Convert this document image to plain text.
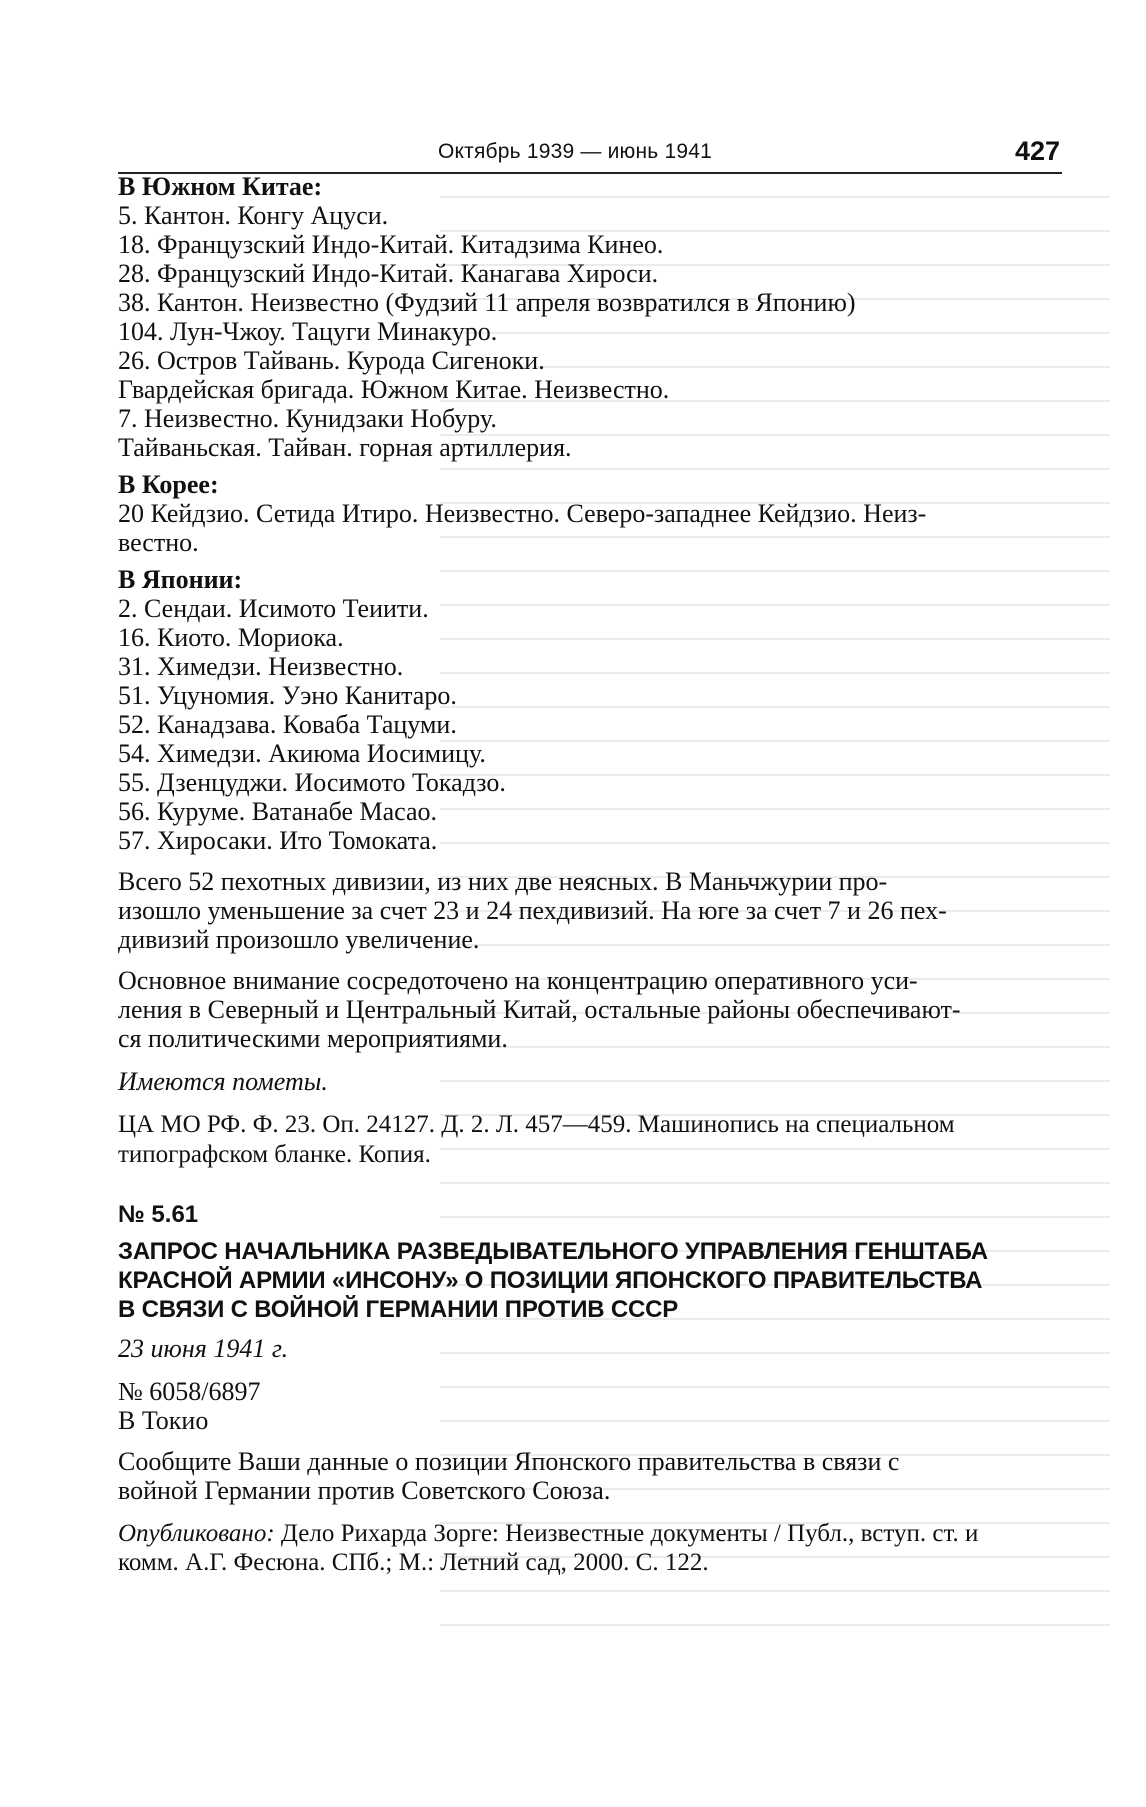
Октябрь 1939 — июнь 1941	427
В Южном Китае:
5. Кантон. Конгу Ацуси.
18. Французский Индо-Китай. Китадзима Кинео.
28. Французский Индо-Китай. Канагава Хироси.
38. Кантон. Неизвестно (Фудзий 11 апреля возвратился в Японию)
104. Лун-Чжоу. Тацуги Минакуро.
26. Остров Тайвань. Курода Сигеноки.
Гвардейская бригада. Южном Китае. Неизвестно.
7. Неизвестно. Кунидзаки Нобуру.
Тайваньская. Тайван. горная артиллерия.
В Корее:
20 Кейдзио. Сетида Итиро. Неизвестно. Северо-западнее Кейдзио. Неиз-
вестно.
В Японии:
2. Сендаи. Исимото Теиити.
16. Киото. Мориока.
31. Химедзи. Неизвестно.
51. Уцуномия. Уэно Канитаро.
52. Канадзава. Коваба Тацуми.
54. Химедзи. Акиюма Иосимицу.
55. Дзенцуджи. Иосимото Токадзо.
56. Куруме. Ватанабе Масао.
57. Хиросаки. Ито Томоката.
Всего 52 пехотных дивизии, из них две неясных. В Маньчжурии про-
изошло уменьшение за счет 23 и 24 пехдивизий. На юге за счет 7 и 26 пех-
дивизий произошло увеличение.
Основное внимание сосредоточено на концентрацию оперативного уси-
ления в Северный и Центральный Китай, остальные районы обеспечивают-
ся политическими мероприятиями.
Имеются пометы.
ЦА МО РФ. Ф. 23. Оп. 24127. Д. 2. Л. 457—459. Машинопись на специальном
типографском бланке. Копия.
№ 5.61
ЗАПРОС НАЧАЛЬНИКА РАЗВЕДЫВАТЕЛЬНОГО УПРАВЛЕНИЯ ГЕНШТАБА
КРАСНОЙ АРМИИ «ИНСОНУ» О ПОЗИЦИИ ЯПОНСКОГО ПРАВИТЕЛЬСТВА
В СВЯЗИ С ВОЙНОЙ ГЕРМАНИИ ПРОТИВ СССР
23 июня 1941 г.
№ 6058/6897
В Токио
Сообщите Ваши данные о позиции Японского правительства в связи с
войной Германии против Советского Союза.
Опубликовано: Дело Рихарда Зорге: Неизвестные документы / Публ., вступ. ст. и
комм. А.Г. Фесюна. СПб.; М.: Летний сад, 2000. С. 122.
